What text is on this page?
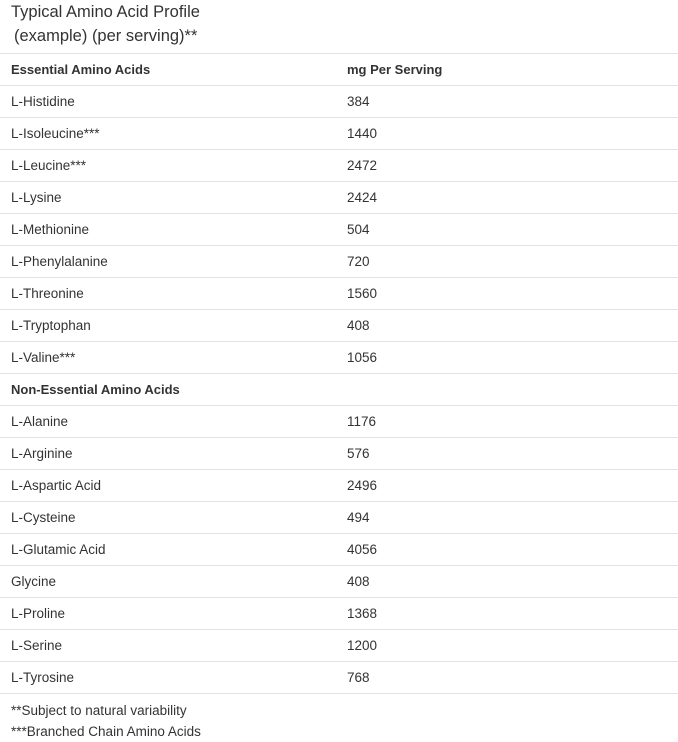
Typical Amino Acid Profile
(example) (per serving)**
Essential Amino Acids	mg Per Serving
L-Histidine	384
L-Isoleucine***	1440
L-Leucine***	2472
L-Lysine	2424
L-Methionine	504
L-Phenylalanine	720
L-Threonine	1560
L-Tryptophan	408
L-Valine***	1056
Non-Essential Amino Acids
L-Alanine	1176
L-Arginine	576
L-Aspartic Acid	2496
L-Cysteine	494
L-Glutamic Acid	4056
Glycine	408
L-Proline	1368
L-Serine	1200
L-Tyrosine	768
**Subject to natural variability
***Branched Chain Amino Acids
